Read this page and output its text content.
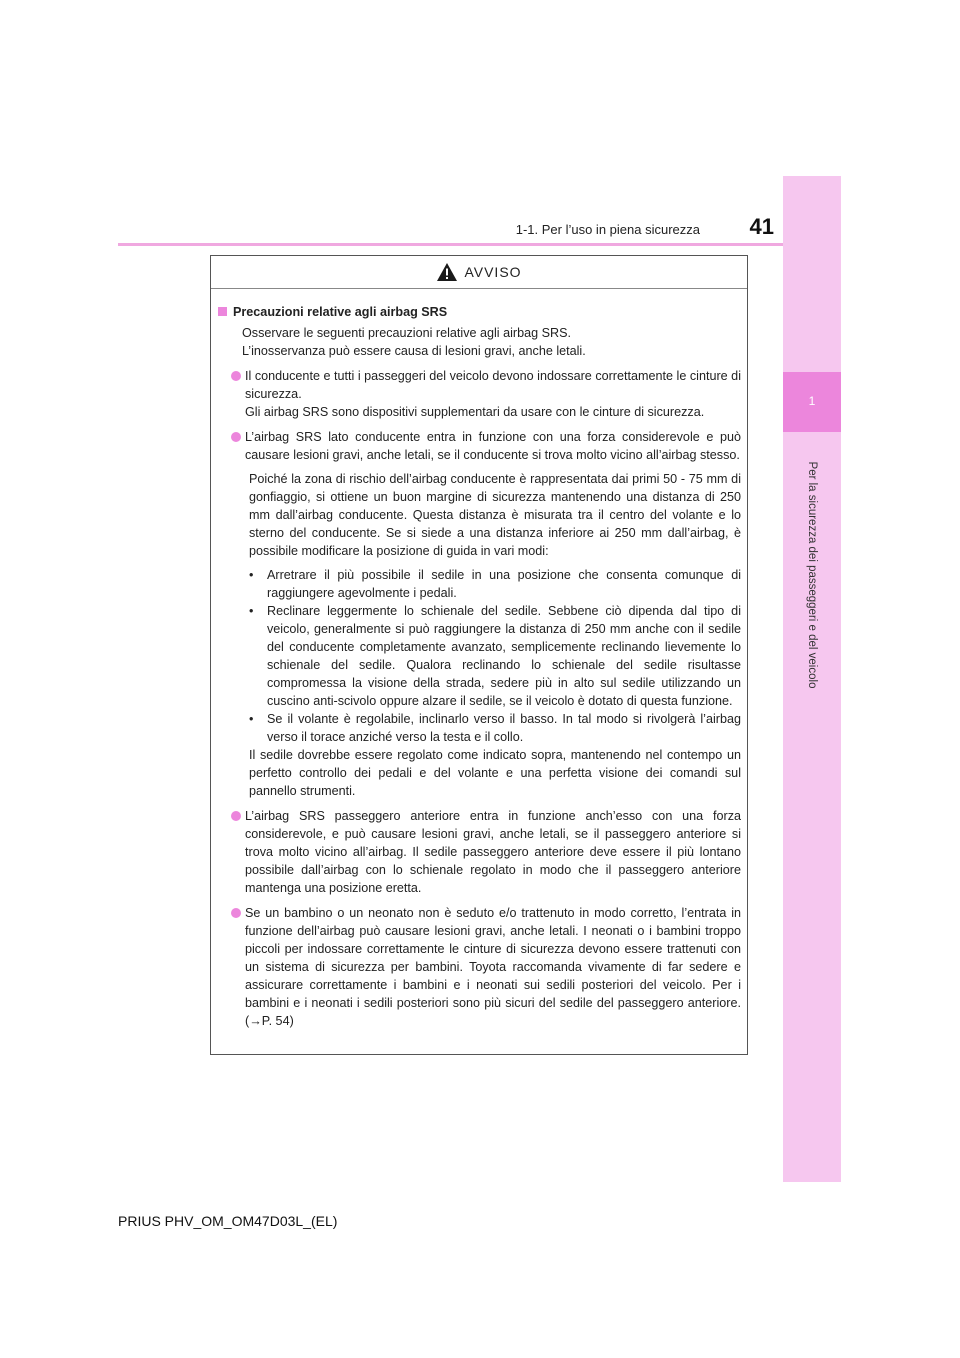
1-1. Per l’uso in piena sicurezza	41
1
Per la sicurezza dei passeggeri e del veicolo
AVVISO
Precauzioni relative agli airbag SRS
Osservare le seguenti precauzioni relative agli airbag SRS.
L’inosservanza può essere causa di lesioni gravi, anche letali.
Il conducente e tutti i passeggeri del veicolo devono indossare correttamente le cinture di sicurezza.
Gli airbag SRS sono dispositivi supplementari da usare con le cinture di sicurezza.
L’airbag SRS lato conducente entra in funzione con una forza considerevole e può causare lesioni gravi, anche letali, se il conducente si trova molto vicino all’airbag stesso.
Poiché la zona di rischio dell’airbag conducente è rappresentata dai primi 50 - 75 mm di gonfiaggio, si ottiene un buon margine di sicurezza mantenendo una distanza di 250 mm dall’airbag conducente. Questa distanza è misurata tra il centro del volante e lo sterno del conducente. Se si siede a una distanza inferiore ai 250 mm dall’airbag, è possibile modificare la posizione di guida in vari modi:
•	Arretrare il più possibile il sedile in una posizione che consenta comunque di raggiungere agevolmente i pedali.
•	Reclinare leggermente lo schienale del sedile. Sebbene ciò dipenda dal tipo di veicolo, generalmente si può raggiungere la distanza di 250 mm anche con il sedile del conducente completamente avanzato, semplicemente reclinando lievemente lo schienale del sedile. Qualora reclinando lo schienale del sedile risultasse compromessa la visione della strada, sedere più in alto sul sedile utilizzando un cuscino anti-scivolo oppure alzare il sedile, se il veicolo è dotato di questa funzione.
•	Se il volante è regolabile, inclinarlo verso il basso. In tal modo si rivolgerà l’airbag verso il torace anziché verso la testa e il collo.
Il sedile dovrebbe essere regolato come indicato sopra, mantenendo nel contempo un perfetto controllo dei pedali e del volante e una perfetta visione dei comandi sul pannello strumenti.
L’airbag SRS passeggero anteriore entra in funzione anch’esso con una forza considerevole, e può causare lesioni gravi, anche letali, se il passeggero anteriore si trova molto vicino all’airbag. Il sedile passeggero anteriore deve essere il più lontano possibile dall’airbag con lo schienale regolato in modo che il passeggero anteriore mantenga una posizione eretta.
Se un bambino o un neonato non è seduto e/o trattenuto in modo corretto, l’entrata in funzione dell’airbag può causare lesioni gravi, anche letali. I neonati o i bambini troppo piccoli per indossare correttamente le cinture di sicurezza devono essere trattenuti con un sistema di sicurezza per bambini. Toyota raccomanda vivamente di far sedere e assicurare correttamente i bambini e i neonati sui sedili posteriori del veicolo. Per i bambini e i neonati i sedili posteriori sono più sicuri del sedile del passeggero anteriore. (→P. 54)
PRIUS PHV_OM_OM47D03L_(EL)
